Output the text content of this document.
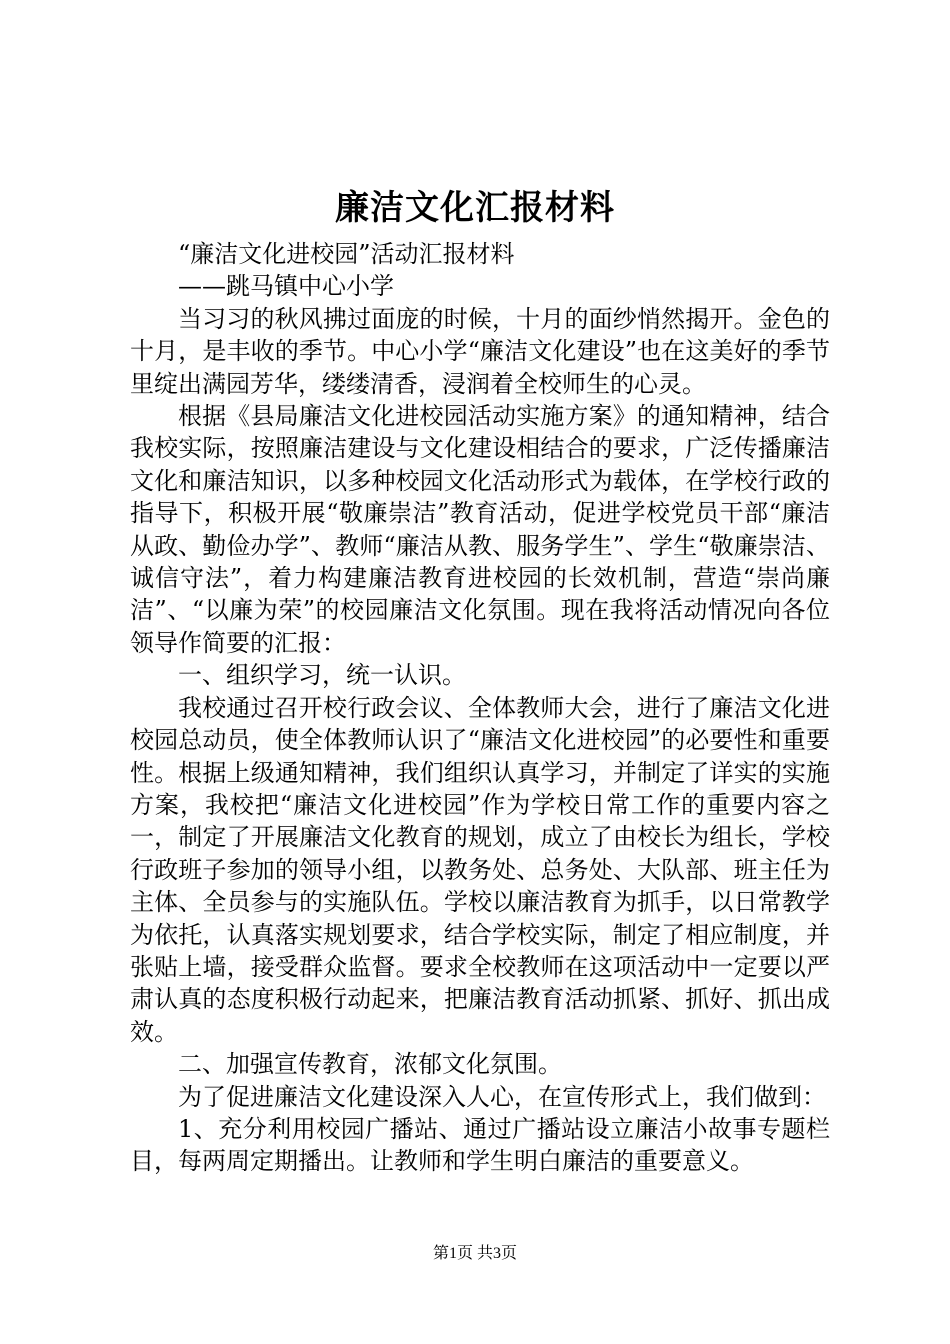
廉洁文化汇报材料

“廉洁文化进校园”活动汇报材料

——跳马镇中心小学

当习习的秋风拂过面庞的时候，十月的面纱悄然揭开。金色的十月，是丰收的季节。中心小学“廉洁文化建设”也在这美好的季节里绽出满园芳华，缕缕清香，浸润着全校师生的心灵。

根据《县局廉洁文化进校园活动实施方案》的通知精神，结合我校实际，按照廉洁建设与文化建设相结合的要求，广泛传播廉洁文化和廉洁知识，以多种校园文化活动形式为载体，在学校行政的指导下，积极开展“敬廉崇洁”教育活动，促进学校党员干部“廉洁从政、勤俭办学”、教师“廉洁从教、服务学生”、学生“敬廉崇洁、诚信守法”，着力构建廉洁教育进校园的长效机制，营造“崇尚廉洁”、“以廉为荣”的校园廉洁文化氛围。现在我将活动情况向各位领导作简要的汇报：

一、组织学习，统一认识。

我校通过召开校行政会议、全体教师大会，进行了廉洁文化进校园总动员，使全体教师认识了“廉洁文化进校园”的必要性和重要性。根据上级通知精神，我们组织认真学习，并制定了详实的实施方案，我校把“廉洁文化进校园”作为学校日常工作的重要内容之一，制定了开展廉洁文化教育的规划，成立了由校长为组长，学校行政班子参加的领导小组，以教务处、总务处、大队部、班主任为主体、全员参与的实施队伍。学校以廉洁教育为抓手，以日常教学为依托，认真落实规划要求，结合学校实际，制定了相应制度，并张贴上墙，接受群众监督。要求全校教师在这项活动中一定要以严肃认真的态度积极行动起来，把廉洁教育活动抓紧、抓好、抓出成效。

二、加强宣传教育，浓郁文化氛围。

为了促进廉洁文化建设深入人心，在宣传形式上，我们做到：

1、充分利用校园广播站、通过广播站设立廉洁小故事专题栏目，每两周定期播出。让教师和学生明白廉洁的重要意义。

第1页 共3页
